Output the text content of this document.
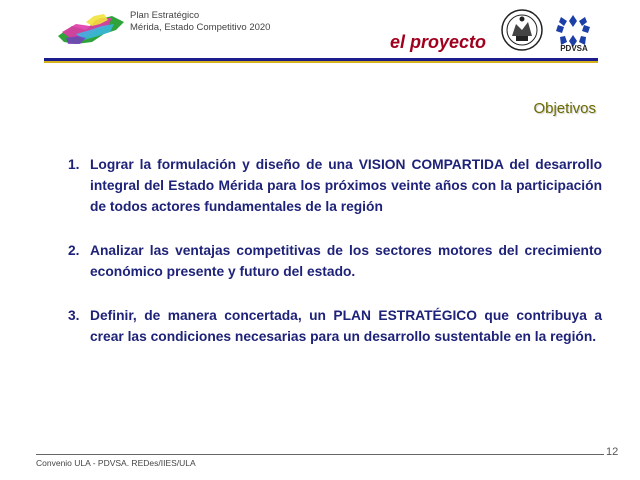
Plan Estratégico
Mérida, Estado Competitivo 2020
el proyecto	PDVSA
Objetivos
1. Lograr la formulación y diseño de una VISION COMPARTIDA del desarrollo integral del Estado Mérida para los próximos veinte años con la participación de todos actores fundamentales de la región
2. Analizar las ventajas competitivas de los sectores motores del crecimiento económico presente y futuro del estado.
3. Definir, de manera concertada, un PLAN ESTRATÉGICO que contribuya a crear las condiciones necesarias para un desarrollo sustentable en la región.
Convenio ULA - PDVSA. REDes/IIES/ULA
12
